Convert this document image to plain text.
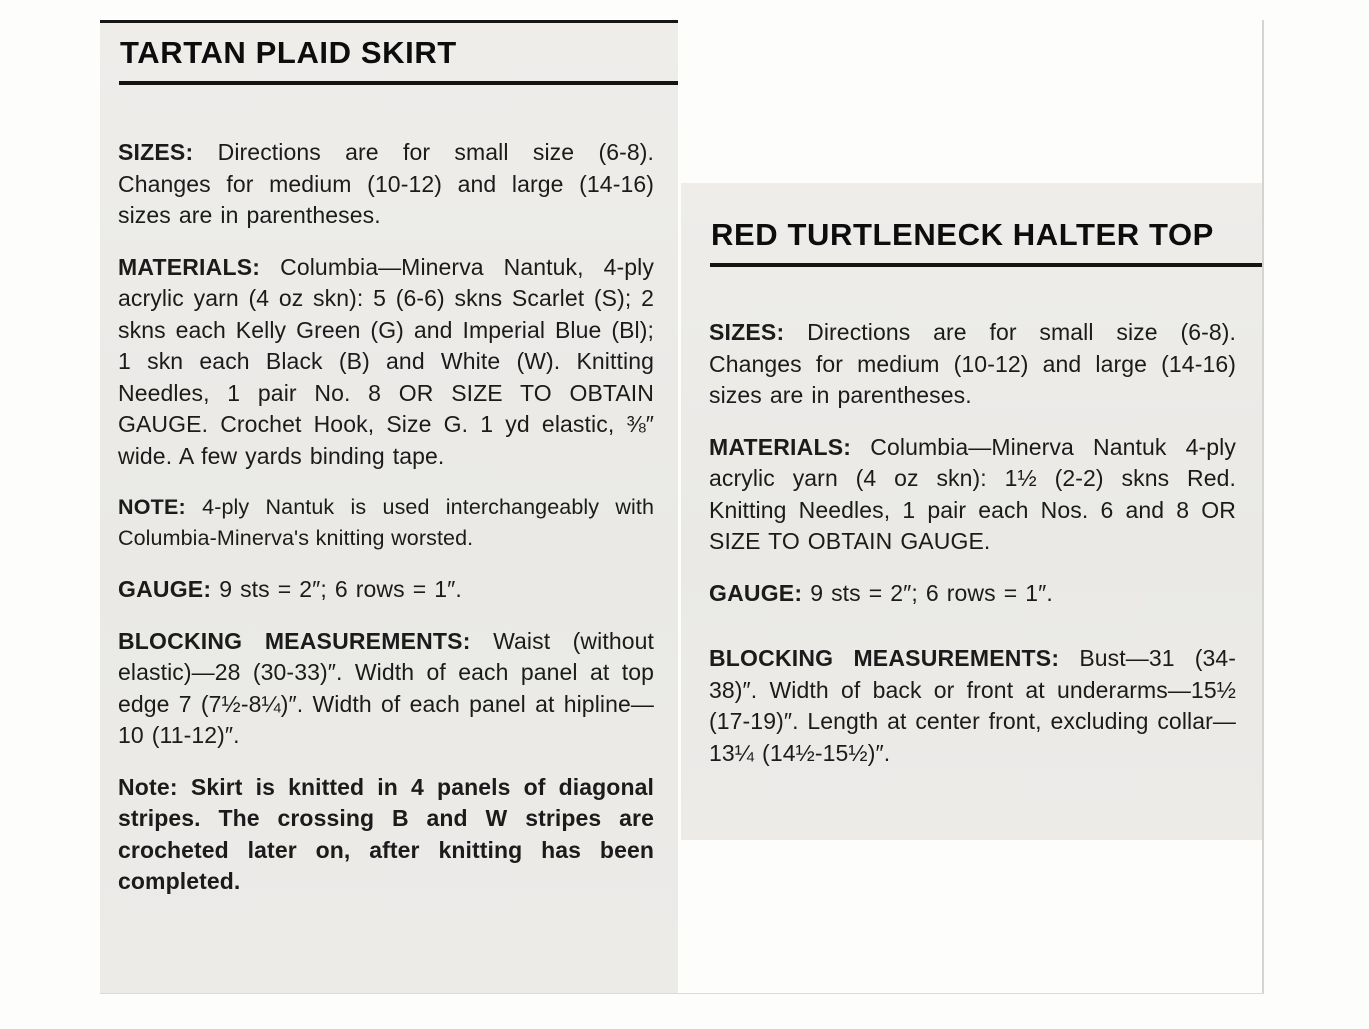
TARTAN PLAID SKIRT

SIZES: Directions are for small size (6-8). Changes for medium (10-12) and large (14-16) sizes are in parentheses.

MATERIALS: Columbia—Minerva Nantuk, 4-ply acrylic yarn (4 oz skn): 5 (6-6) skns Scarlet (S); 2 skns each Kelly Green (G) and Imperial Blue (Bl); 1 skn each Black (B) and White (W). Knitting Needles, 1 pair No. 8 OR SIZE TO OBTAIN GAUGE. Crochet Hook, Size G. 1 yd elastic, ⅜″ wide. A few yards binding tape.

NOTE: 4-ply Nantuk is used interchangeably with Columbia-Minerva's knitting worsted.

GAUGE: 9 sts = 2″; 6 rows = 1″.

BLOCKING MEASUREMENTS: Waist (without elastic)—28 (30-33)″. Width of each panel at top edge 7 (7½-8¼)″. Width of each panel at hipline—10 (11-12)″.

Note: Skirt is knitted in 4 panels of diagonal stripes. The crossing B and W stripes are crocheted later on, after knitting has been completed.

RED TURTLENECK HALTER TOP

SIZES: Directions are for small size (6-8). Changes for medium (10-12) and large (14-16) sizes are in parentheses.

MATERIALS: Columbia—Minerva Nantuk 4-ply acrylic yarn (4 oz skn): 1½ (2-2) skns Red. Knitting Needles, 1 pair each Nos. 6 and 8 OR SIZE TO OBTAIN GAUGE.

GAUGE: 9 sts = 2″; 6 rows = 1″.

BLOCKING MEASUREMENTS: Bust—31 (34-38)″. Width of back or front at underarms—15½ (17-19)″. Length at center front, excluding collar—13¼ (14½-15½)″.
